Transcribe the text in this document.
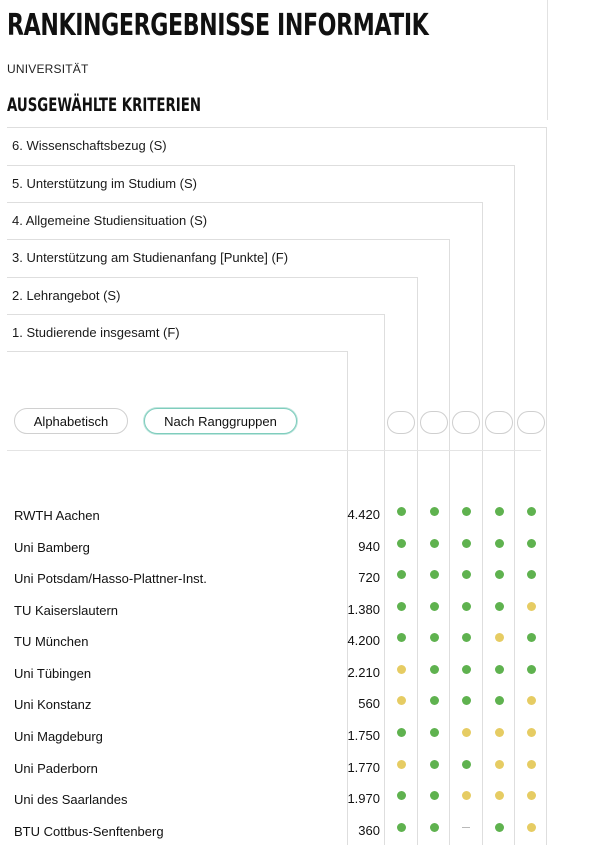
RANKINGERGEBNISSE INFORMATIK
UNIVERSITÄT
AUSGEWÄHLTE KRITERIEN
6. Wissenschaftsbezug (S)
5. Unterstützung im Studium (S)
4. Allgemeine Studiensituation (S)
3. Unterstützung am Studienanfang [Punkte] (F)
2. Lehrangebot (S)
1. Studierende insgesamt (F)
Alphabetisch	Nach Ranggruppen
RWTH Aachen	4.420
Uni Bamberg	940
Uni Potsdam/Hasso-Plattner-Inst.	720
TU Kaiserslautern	1.380
TU München	4.200
Uni Tübingen	2.210
Uni Konstanz	560
Uni Magdeburg	1.750
Uni Paderborn	1.770
Uni des Saarlandes	1.970
BTU Cottbus-Senftenberg	360
